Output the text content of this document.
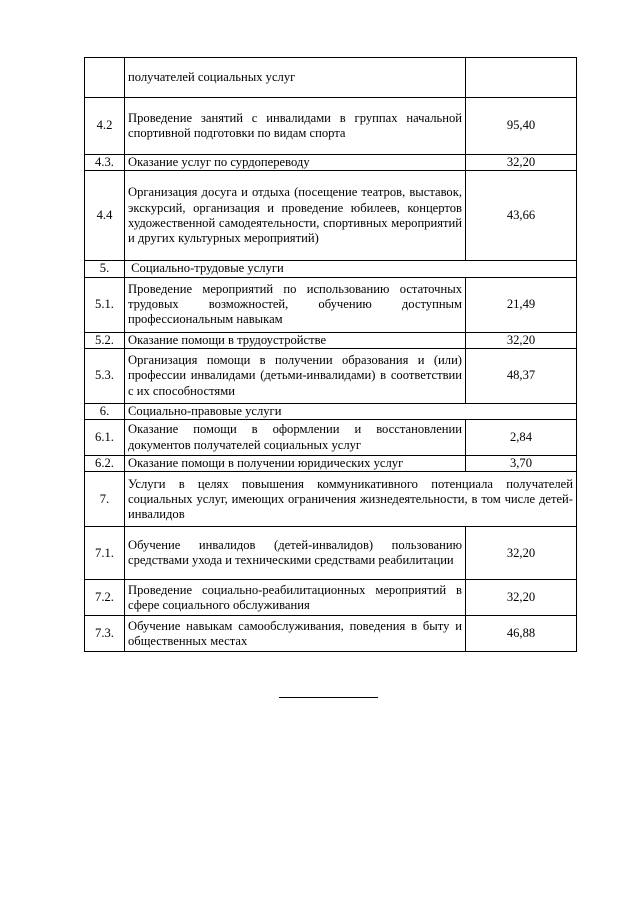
	получателей социальных услуг	
4.2	Проведение занятий с инвалидами в группах начальной спортивной подготовки по видам спорта	95,40
4.3.	Оказание услуг по сурдопереводу	32,20
4.4	Организация досуга и отдыха (посещение театров, выставок, экскурсий, организация и проведение юбилеев, концертов художественной самодеятельности, спортивных мероприятий и других культурных мероприятий)	43,66
5.	Социально-трудовые услуги	
5.1.	Проведение мероприятий по использованию остаточных трудовых возможностей, обучению доступным профессиональным навыкам	21,49
5.2.	Оказание помощи в трудоустройстве	32,20
5.3.	Организация помощи в получении образования и (или) профессии инвалидами (детьми-инвалидами) в соответствии с их способностями	48,37
6.	Социально-правовые услуги	
6.1.	Оказание помощи в оформлении и восстановлении документов получателей социальных услуг	2,84
6.2.	Оказание помощи в получении юридических услуг	3,70
7.	Услуги в целях повышения коммуникативного потенциала получателей социальных услуг, имеющих ограничения жизнедеятельности, в том числе детей-инвалидов	
7.1.	Обучение инвалидов (детей-инвалидов) пользованию средствами ухода и техническими средствами реабилитации	32,20
7.2.	Проведение социально-реабилитационных мероприятий в сфере социального обслуживания	32,20
7.3.	Обучение навыкам самообслуживания, поведения в быту и общественных местах	46,88
